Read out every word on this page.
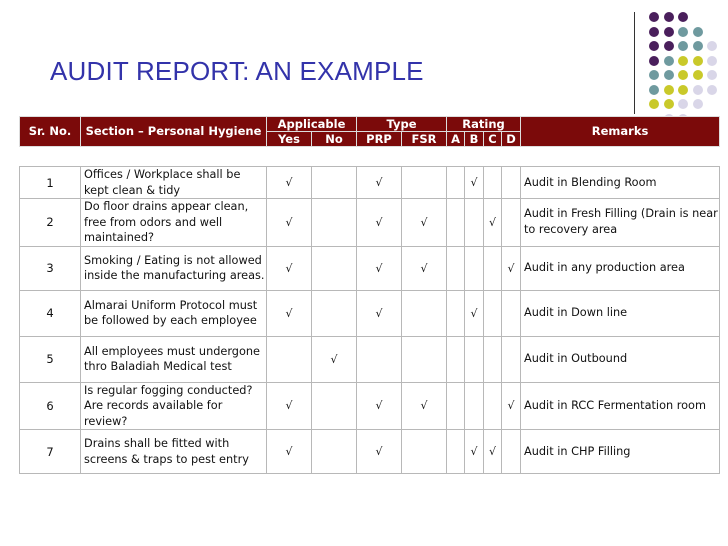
AUDIT REPORT: AN EXAMPLE
Sr. No.	Section – Personal Hygiene	Applicable		Type		Rating				Remarks
		Yes	No	PRP	FSR	A	B	C	D	
1	Offices / Workplace shall be kept clean & tidy	√		√			√			Audit in Blending Room
2	Do floor drains appear clean, free from odors and well maintained?	√		√	√			√		Audit in Fresh Filling (Drain is near to recovery area
3	Smoking / Eating is not allowed inside the manufacturing areas.	√		√	√				√	Audit in any production area
4	Almarai Uniform Protocol must be followed by each employee	√		√			√			Audit in Down line
5	All employees must undergone thro Baladiah Medical test		√							Audit in Outbound
6	Is regular fogging conducted? Are records available for review?	√		√	√				√	Audit in RCC Fermentation room
7	Drains shall be fitted with screens & traps to pest entry	√		√			√	√		Audit in CHP Filling
